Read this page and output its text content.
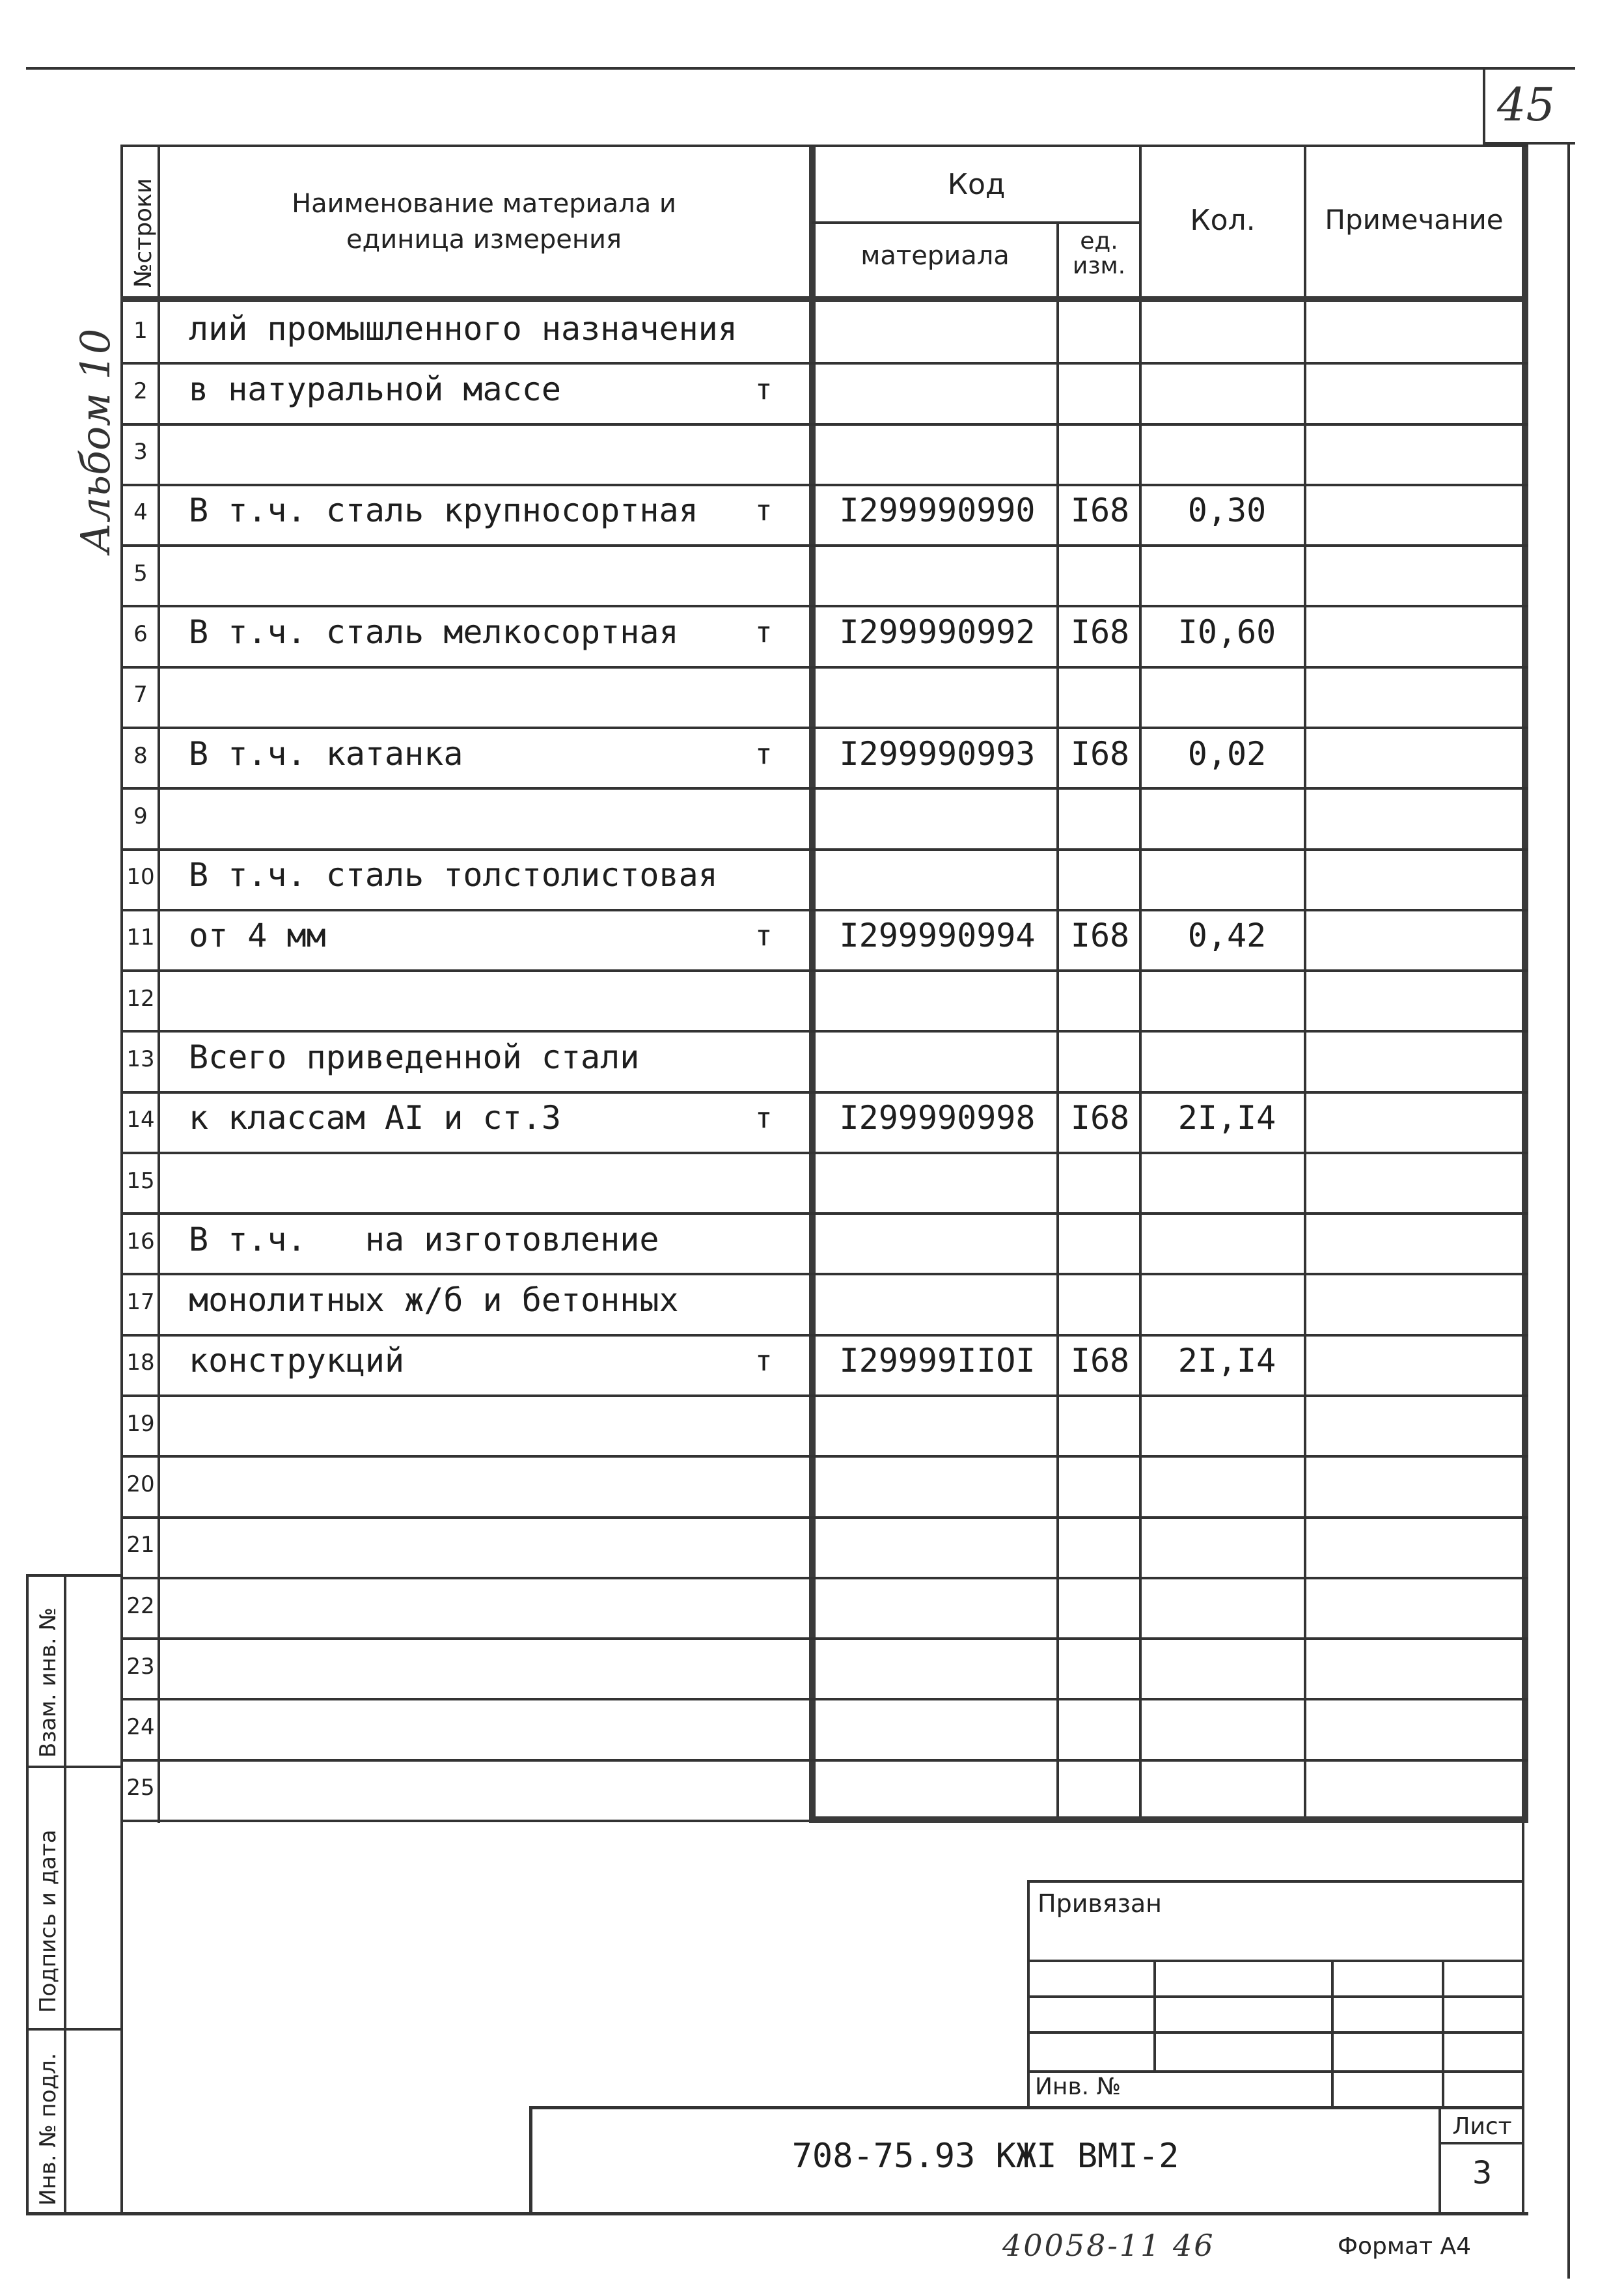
45
Альбом 10
№строки	Наименование материала и
единица измерения
Код
материала	ед.
изм.
Кол.	Примечание
1	лий промышленного назначения
2	в натуральной массе	т
3
4	В т.ч. сталь крупносортная т	I299990990	I68	0,30
5
6	В т.ч. сталь мелкосортная	т	I299990992	I68	I0,60
7
8	В т.ч. катанка	т	I299990993	I68	0,02
9
10 В т.ч. сталь толстолистовая
11 от 4 мм	т	I299990994	I68	0,42
12
13 Всего приведенной стали
14 к классам AI и ст.3	т	I299990998	I68	2I,I4
15
16 В т.ч.   на изготовление
17 монолитных ж/б и бетонных
18 конструкций	т	I29999IIOI	I68	2I,I4
19
20
21
22
23
24
25
Взам. инв. №
Подпись и дата
Инв. № подл.
Привязан
Инв. №
708-75.93 КЖI ВМI-2
Лист
3
40058-11 46	Формат А4
